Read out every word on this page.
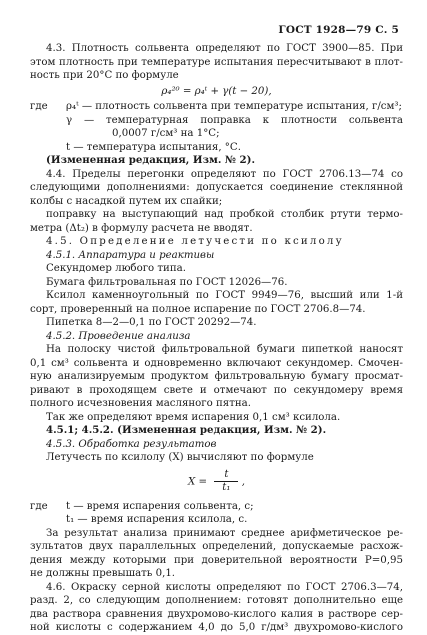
ГОСТ 1928—79 С. 5
4.3. Плотность сольвента определяют по ГОСТ 3900—85. При
этом плотность при температуре испытания пересчитывают в плот-
ность при 20°С по формуле
ρ₄²⁰ = ρ₄ᵗ + γ(t − 20),
где	ρ₄ᵗ — плотность сольвента при температуре испытания, г/см³;
γ — температурная поправка к плотности сольвента
0,0007 г/см³ на 1°С;
t — температура испытания, °С.
(Измененная редакция, Изм. № 2).
4.4. Пределы перегонки определяют по ГОСТ 2706.13—74 со
следующими дополнениями: допускается соединение стеклянной
колбы с насадкой путем их спайки;
поправку на выступающий над пробкой столбик ртути термо-
метра (Δt₂) в формулу расчета не вводят.
4.5. Определение летучести по ксилолу
4.5.1. Аппаратура и реактивы
Секундомер любого типа.
Бумага фильтровальная по ГОСТ 12026—76.
Ксилол каменноугольный по ГОСТ 9949—76, высший или 1-й
сорт, проверенный на полное испарение по ГОСТ 2706.8—74.
Пипетка 8—2—0,1 по ГОСТ 20292—74.
4.5.2. Проведение анализа
На полоску чистой фильтровальной бумаги пипеткой наносят
0,1 см³ сольвента и одновременно включают секундомер. Смочен-
ную анализируемым продуктом фильтровальную бумагу просмат-
ривают в проходящем свете и отмечают по секундомеру время
полного исчезновения масляного пятна.
Так же определяют время испарения 0,1 см³ ксилола.
4.5.1; 4.5.2. (Измененная редакция, Изм. № 2).
4.5.3. Обработка результатов
Летучесть по ксилолу (X) вычисляют по формуле
$X = \frac{t}{\text{t₁}}$ ,
где	t — время испарения сольвента, с;
t₁ — время испарения ксилола, с.
За результат анализа принимают среднее арифметическое ре-
зультатов двух параллельных определений, допускаемые расхож-
дения между которыми при доверительной вероятности P=0,95
не должны превышать 0,1.
4.6. Окраску серной кислоты определяют по ГОСТ 2706.3—74,
разд. 2, со следующим дополнением: готовят дополнительно еще
два раствора сравнения двухромово-кислого калия в растворе сер-
ной кислоты с содержанием 4,0 до 5,0 г/дм³ двухромово-кислого
